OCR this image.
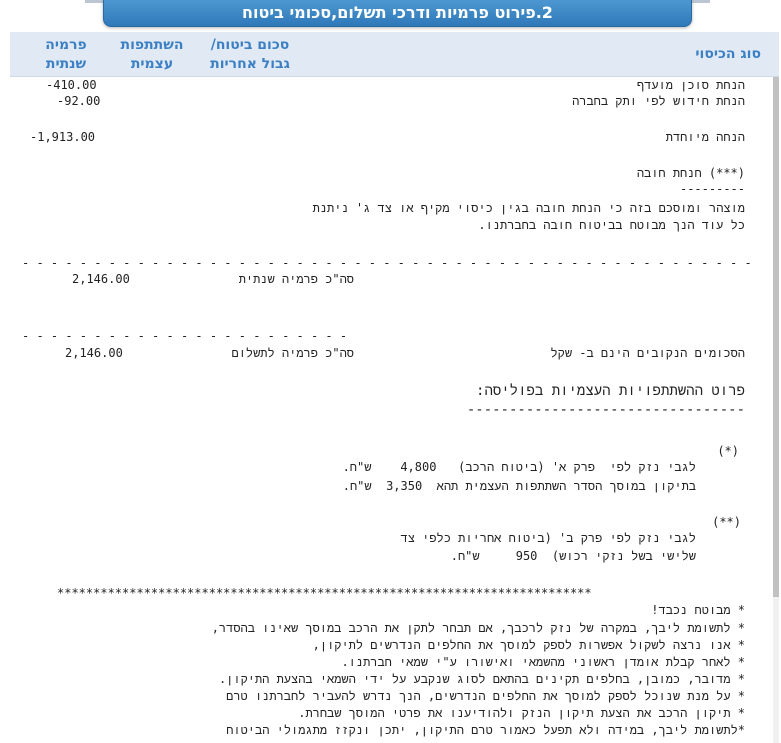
2.פירוט פרמיות ודרכי תשלום,סכומי ביטוח
סוג הכיסוי
סכום ביטוח/
גבול אחריות
השתתפות
עצמית
פרמיה
שנתית
הנחת סוכן מועדף
-410.00
הנחת חידוש לפי ותק בחברה
-92.00
הנחה מיוחדת
-1,913.00
(***) חנחת חובה
---------
מוצהר ומוסכם בזה כי הנחת חובה בגין כיסוי מקיף או צד ג' ניתנת
כל עוד הנך מבוטח בביטוח חובה בחברתנו.
- - - - - - - - - - - - - - - - - - - - - - - - - - - - - - - - - - - - - - - - - - - - - - - - - - -
סה"כ פרמיה שנתית
2,146.00
- - - - - - - - - - - - - - - - - - - - - - -
הסכומים הנקובים הינם ב- שקל
סה"כ פרמיה לתשלום
2,146.00
פרוט ההשתתפויות העצמיות בפוליסה:
---------------------------------
(*)
לגבי נזק לפי  פרק א' (ביטוח הרכב)   4,800    ש"ח.
בתיקון במוסך הסדר השתתפות העצמית תהא  3,350  ש"ח.
(**)
לגבי נזק לפי פרק ב' (ביטוח אחריות כלפי צד
שלישי בשל נזקי רכוש)  950     ש"ח.
**************************************************************************
* מבוטח נכבד!
* לתשומת ליבך, במקרה של נזק לרכבך, אם תבחר לתקן את הרכב במוסך שאינו בהסדר,
* אנו נרצה לשקול אפשרות לספק למוסך את החלפים הנדרשים לתיקון,
* לאחר קבלת אומדן ראשוני מהשמאי ואישורו ע"י שמאי חברתנו.
* מדובר, כמובן, בחלפים תקינים בהתאם לסוג שנקבע על ידי השמאי בהצעת התיקון.
* על מנת שנוכל לספק למוסך את החלפים הנדרשים, הנך נדרש להעביר לחברתנו טרם
* תיקון הרכב את הצעת תיקון הנזק ולהודיענו את פרטי המוסך שבחרת.
*לתשומת ליבך, במידה ולא תפעל כאמור טרם התיקון, יתכן ונקזז מתגמולי הביטוח
